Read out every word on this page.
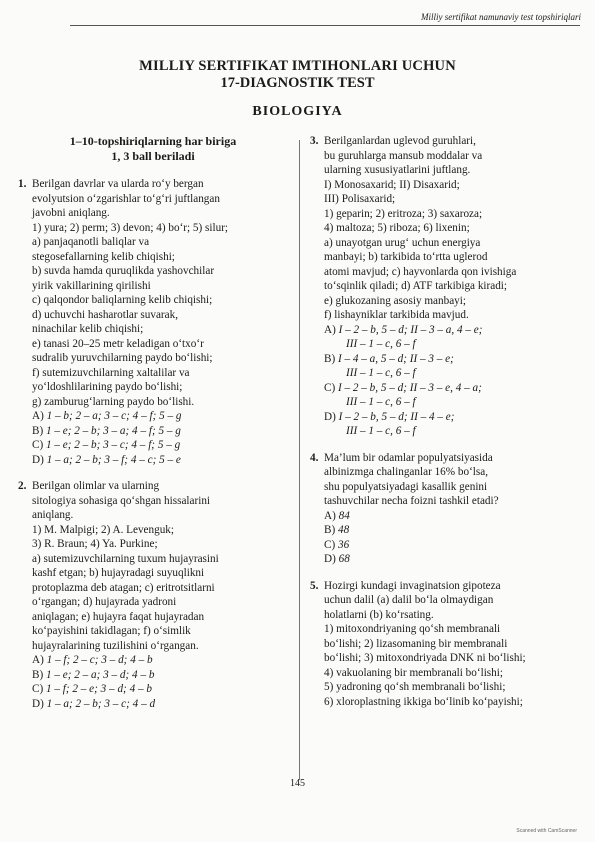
Milliy sertifikat namunaviy test topshiriqlari
MILLIY SERTIFIKAT IMTIHONLARI UCHUN
17-DIAGNOSTIK TEST
BIOLOGIYA
1–10-topshiriqlarning har biriga
1, 3 ball beriladi
1. Berilgan davrlar va ularda ro‘y bergan
evolyutsion o‘zgarishlar to‘g‘ri juftlangan
javobni aniqlang.
1) yura; 2) perm; 3) devon; 4) bo‘r; 5) silur;
a) panjaqanotli baliqlar va
stegosefallarning kelib chiqishi;
b) suvda hamda quruqlikda yashovchilar
yirik vakillarining qirilishi
c) qalqondor baliqlarning kelib chiqishi;
d) uchuvchi hasharotlar suvarak,
ninachilar kelib chiqishi;
e) tanasi 20–25 metr keladigan o‘txo‘r
sudralib yuruvchilarning paydo bo‘lishi;
f) sutemizuvchilarning xaltalilar va
yo‘ldoshlilarining paydo bo‘lishi;
g) zamburug‘larning paydo bo‘lishi.
A) 1 – b; 2 – a; 3 – c; 4 – f; 5 – g
B) 1 – e; 2 – b; 3 – a; 4 – f; 5 – g
C) 1 – e; 2 – b; 3 – c; 4 – f; 5 – g
D) 1 – a; 2 – b; 3 – f; 4 – c; 5 – e
2. Berilgan olimlar va ularning
sitologiya sohasiga qo‘shgan hissalarini
aniqlang.
1) M. Malpigi; 2) A. Levenguk;
3) R. Braun; 4) Ya. Purkine;
a) sutemizuvchilarning tuxum hujayrasini
kashf etgan; b) hujayradagi suyuqlikni
protoplazma deb atagan; c) eritrotsitlarni
o‘rgangan; d) hujayrada yadroni
aniqlagan; e) hujayra faqat hujayradan
ko‘payishini takidlagan; f) o‘simlik
hujayralarining tuzilishini o‘rgangan.
A) 1 – f; 2 – c; 3 – d; 4 – b
B) 1 – e; 2 – a; 3 – d; 4 – b
C) 1 – f; 2 – e; 3 – d; 4 – b
D) 1 – a; 2 – b; 3 – c; 4 – d
3. Berilganlardan uglevod guruhlari,
bu guruhlarga mansub moddalar va
ularning xususiyatlarini juftlang.
I) Monosaxarid; II) Disaxarid;
III) Polisaxarid;
1) geparin; 2) eritroza; 3) saxaroza;
4) maltoza; 5) riboza; 6) lixenin;
a) unayotgan urug‘ uchun energiya
manbayi; b) tarkibida to‘rtta uglerod
atomi mavjud; c) hayvonlarda qon ivishiga
to‘sqinlik qiladi; d) ATF tarkibiga kiradi;
e) glukozaning asosiy manbayi;
f) lishayniklar tarkibida mavjud.
A) I – 2 – b, 5 – d; II – 3 – a, 4 – e;
III – 1 – c, 6 – f
B) I – 4 – a, 5 – d; II – 3 – e;
III – 1 – c, 6 – f
C) I – 2 – b, 5 – d; II – 3 – e, 4 – a;
III – 1 – c, 6 – f
D) I – 2 – b, 5 – d; II – 4 – e;
III – 1 – c, 6 – f
4. Ma’lum bir odamlar populyatsiyasida
albinizmga chalinganlar 16% bo‘lsa,
shu populyatsiyadagi kasallik genini
tashuvchilar necha foizni tashkil etadi?
A) 84
B) 48
C) 36
D) 68
5. Hozirgi kundagi invaginatsion gipoteza
uchun dalil (a) dalil bo‘la olmaydigan
holatlarni (b) ko‘rsating.
1) mitoxondriyaning qo‘sh membranali
bo‘lishi; 2) lizasomaning bir membranali
bo‘lishi; 3) mitoxondriyada DNK ni bo‘lishi;
4) vakuolaning bir membranali bo‘lishi;
5) yadroning qo‘sh membranali bo‘lishi;
6) xloroplastning ikkiga bo‘linib ko‘payishi;
145
Scanned with CamScanner
